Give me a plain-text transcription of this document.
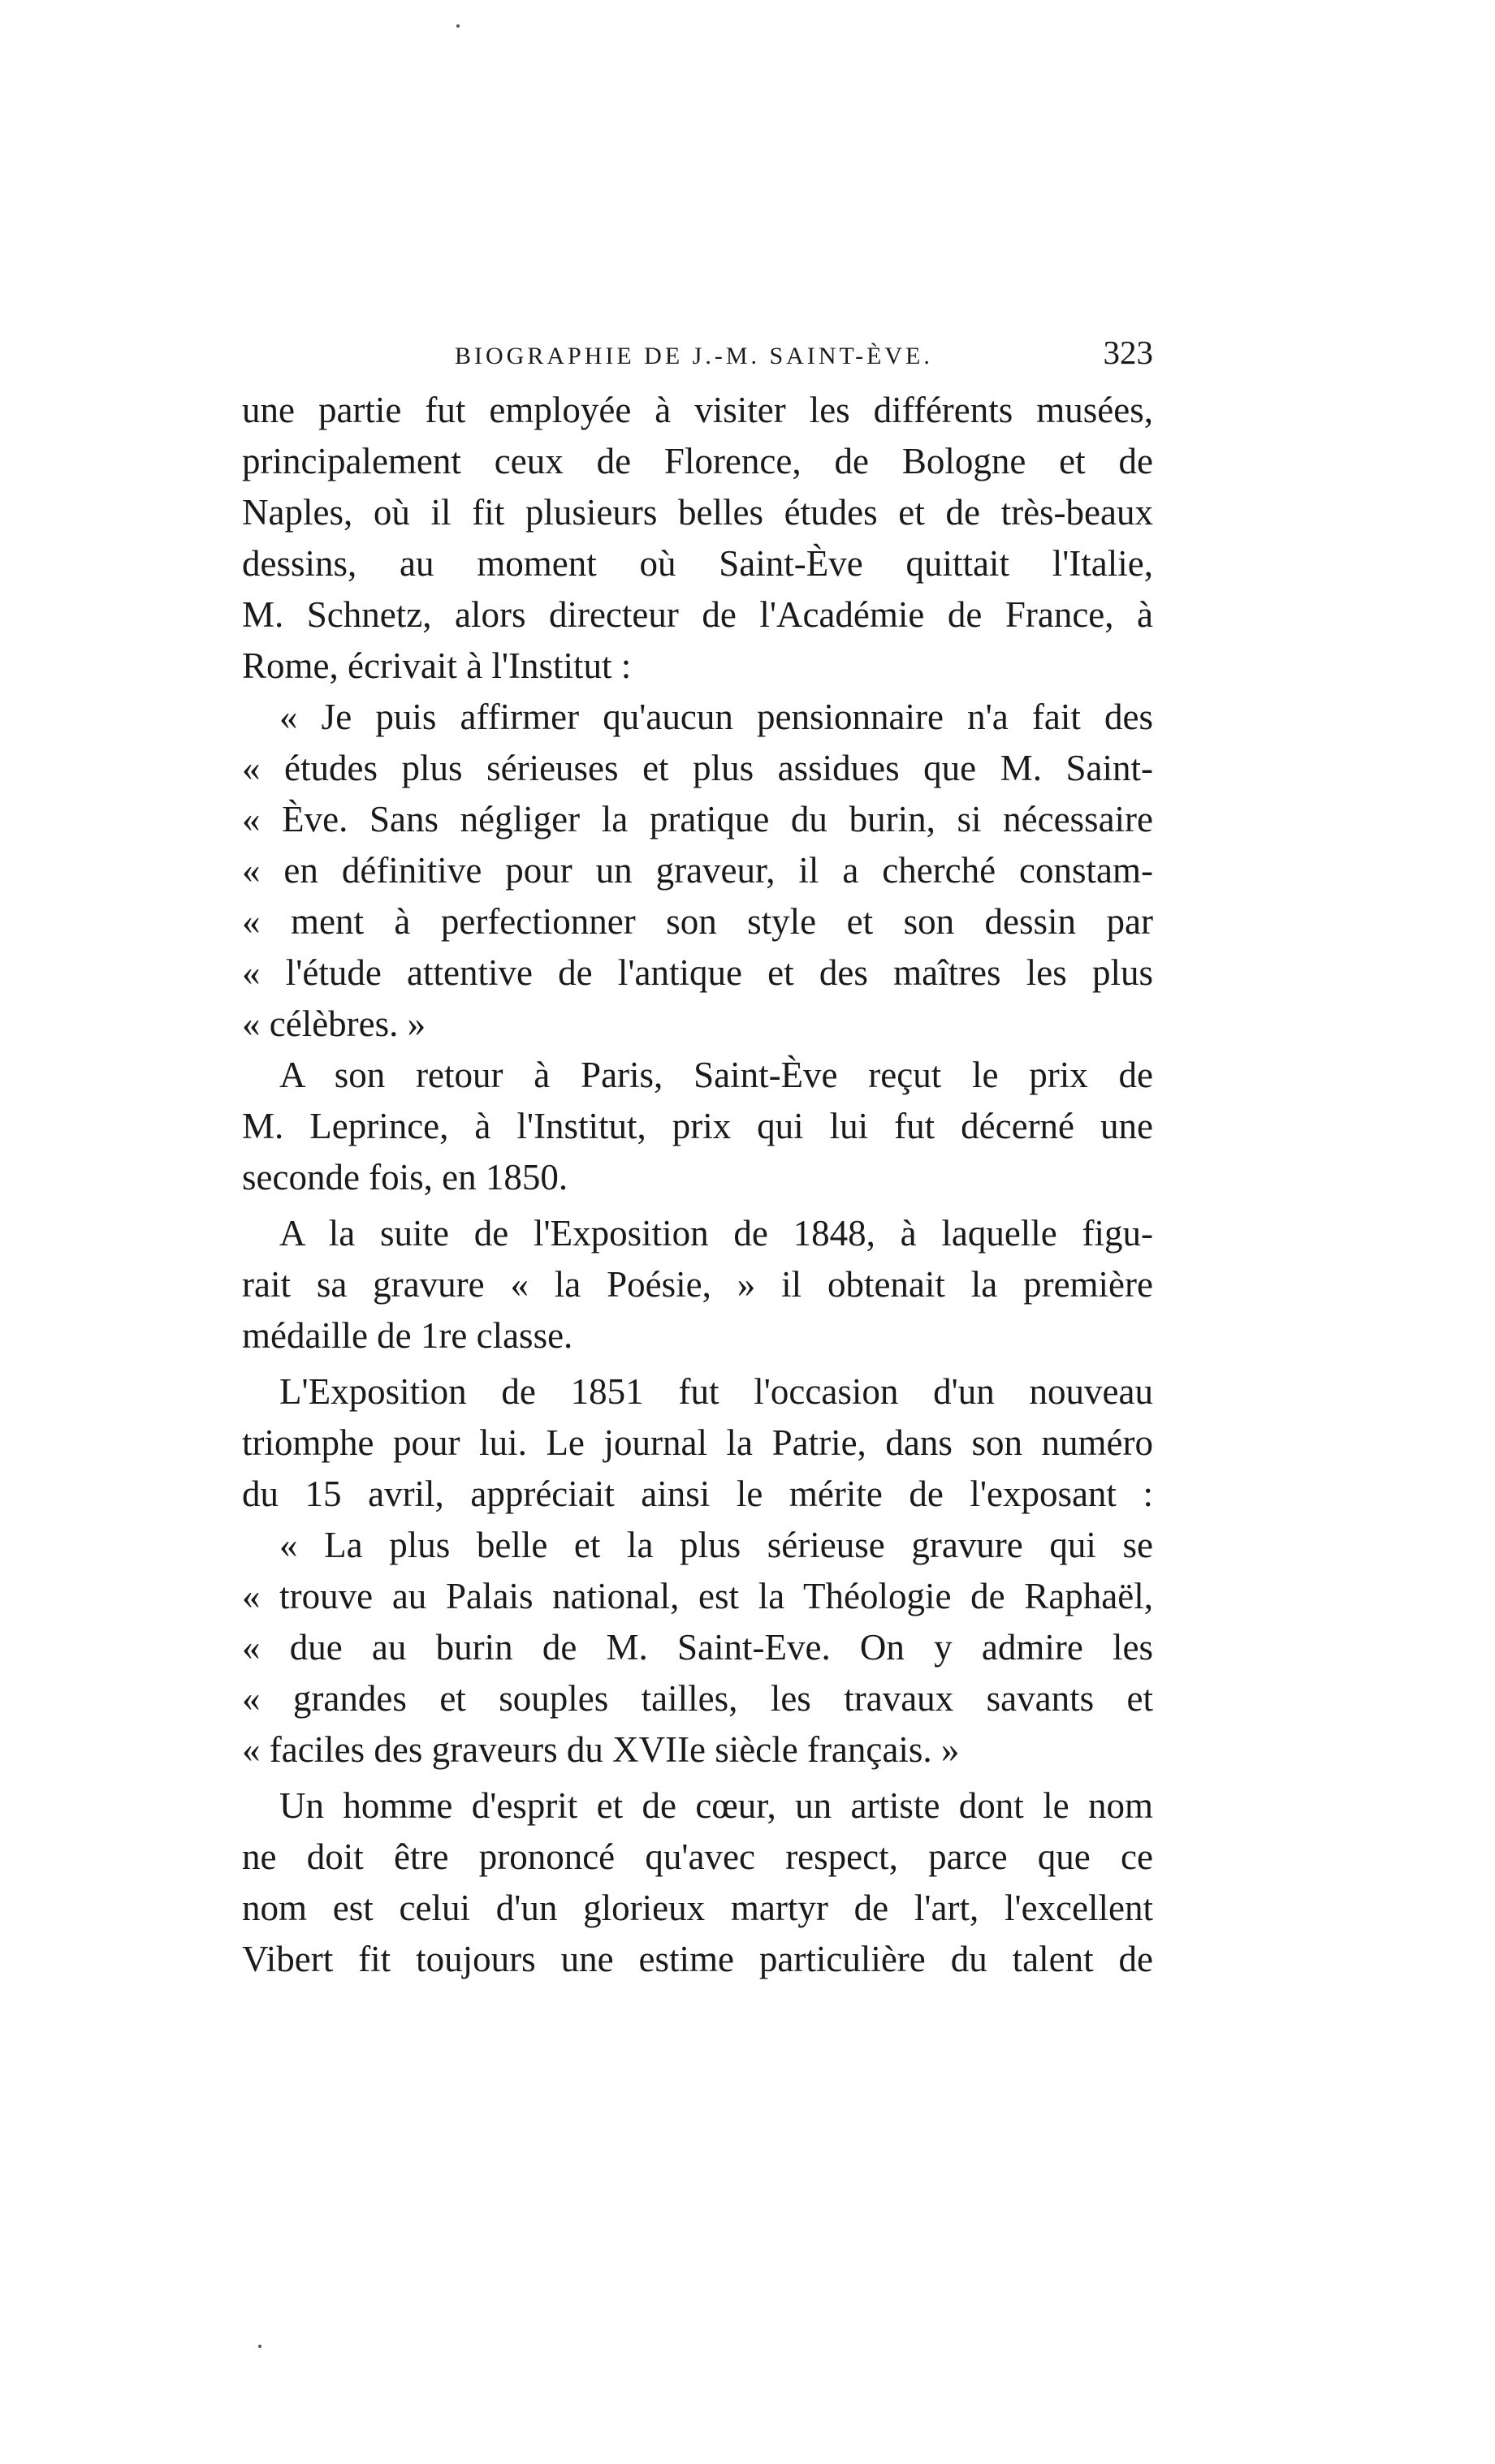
BIOGRAPHIE DE J.-M. SAINT-ÈVE.	323
une partie fut employée à visiter les différents musées,
principalement ceux de Florence, de Bologne et de
Naples, où il fit plusieurs belles études et de très-beaux
dessins, au moment où Saint-Ève quittait l'Italie,
M. Schnetz, alors directeur de l'Académie de France, à
Rome, écrivait à l'Institut :
« Je puis affirmer qu'aucun pensionnaire n'a fait des
« études plus sérieuses et plus assidues que M. Saint-
« Ève. Sans négliger la pratique du burin, si nécessaire
« en définitive pour un graveur, il a cherché constam-
« ment à perfectionner son style et son dessin par
« l'étude attentive de l'antique et des maîtres les plus
« célèbres. »
A son retour à Paris, Saint-Ève reçut le prix de
M. Leprince, à l'Institut, prix qui lui fut décerné une
seconde fois, en 1850.
A la suite de l'Exposition de 1848, à laquelle figu-
rait sa gravure « la Poésie, » il obtenait la première
médaille de 1re classe.
L'Exposition de 1851 fut l'occasion d'un nouveau
triomphe pour lui. Le journal la Patrie, dans son numéro
du 15 avril, appréciait ainsi le mérite de l'exposant :
« La plus belle et la plus sérieuse gravure qui se
« trouve au Palais national, est la Théologie de Raphaël,
« due au burin de M. Saint-Eve. On y admire les
« grandes et souples tailles, les travaux savants et
« faciles des graveurs du XVIIe siècle français. »
Un homme d'esprit et de cœur, un artiste dont le nom
ne doit être prononcé qu'avec respect, parce que ce
nom est celui d'un glorieux martyr de l'art, l'excellent
Vibert fit toujours une estime particulière du talent de
